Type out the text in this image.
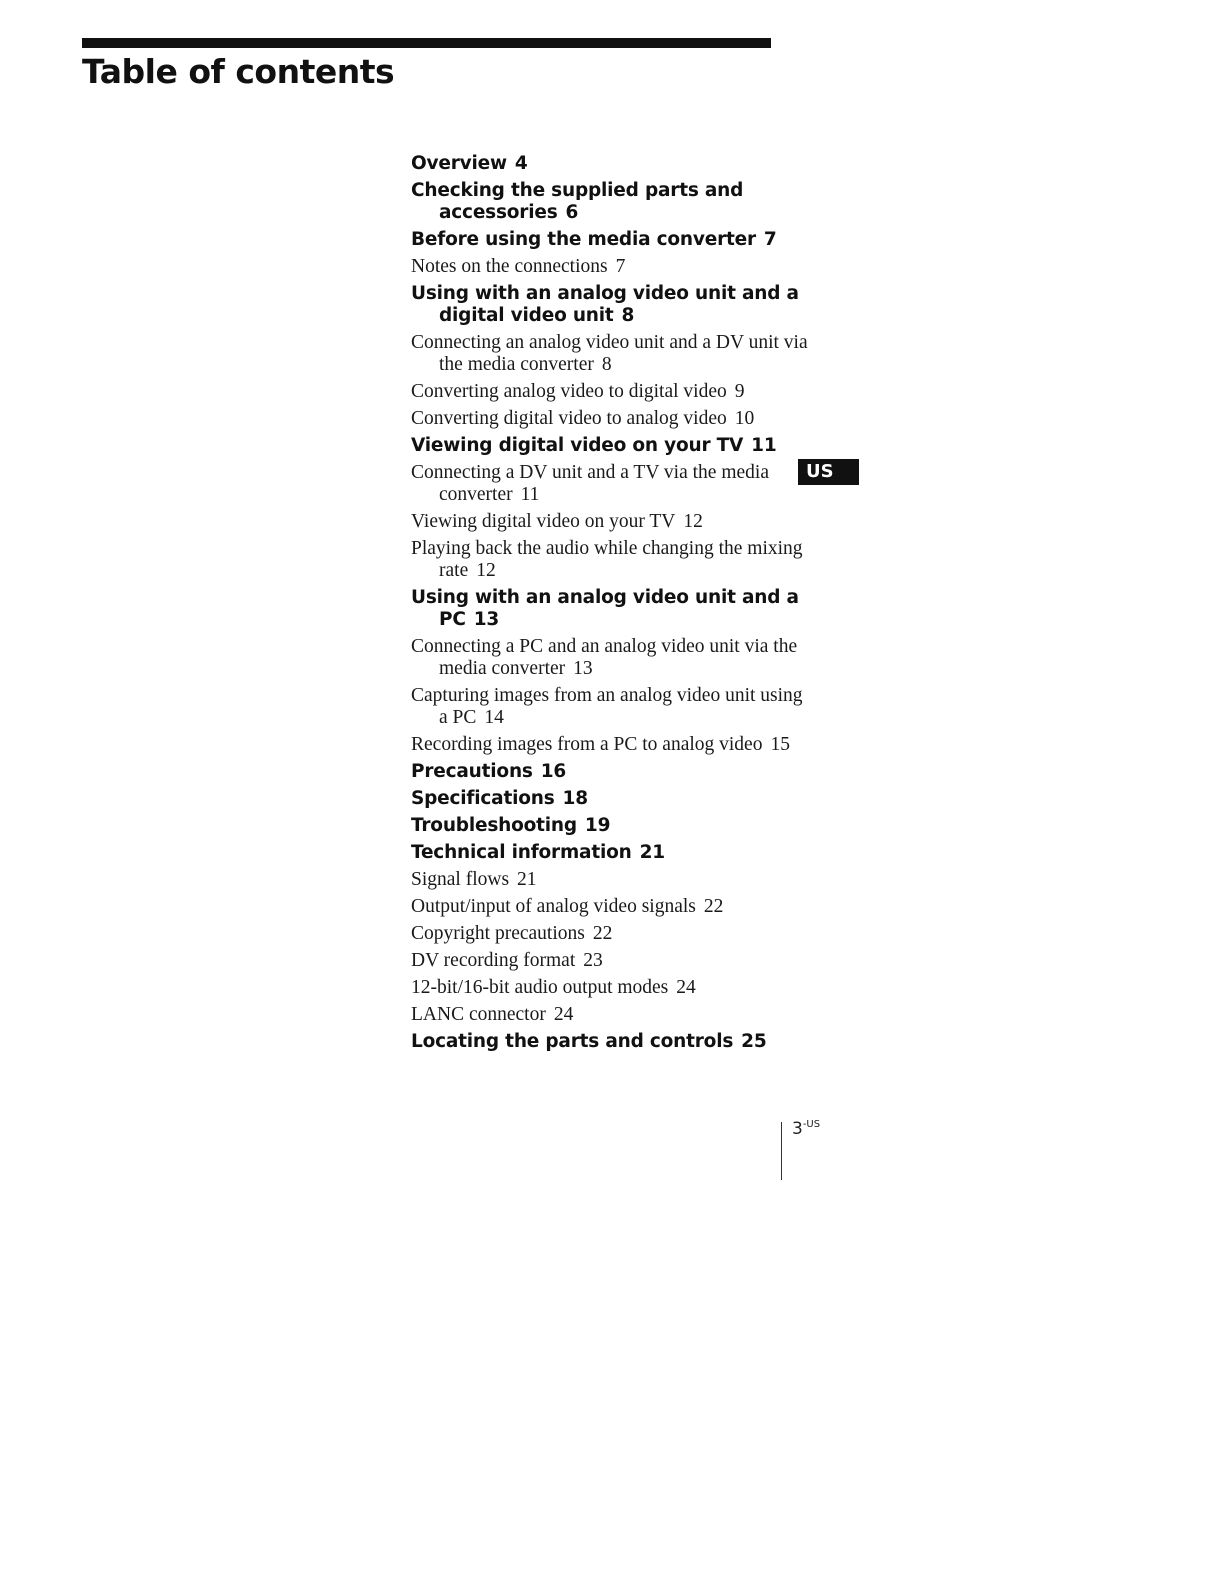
Table of contents

Overview 4

Checking the supplied parts and accessories 6

Before using the media converter 7

Notes on the connections 7

Using with an analog video unit and a digital video unit 8

Connecting an analog video unit and a DV unit via the media converter 8

Converting analog video to digital video 9

Converting digital video to analog video 10

Viewing digital video on your TV 11

Connecting a DV unit and a TV via the media converter 11

Viewing digital video on your TV 12

Playing back the audio while changing the mixing rate 12

Using with an analog video unit and a PC 13

Connecting a PC and an analog video unit via the media converter 13

Capturing images from an analog video unit using a PC 14

Recording images from a PC to analog video 15

Precautions 16

Specifications 18

Troubleshooting 19

Technical information 21

Signal flows 21

Output/input of analog video signals 22

Copyright precautions 22

DV recording format 23

12-bit/16-bit audio output modes 24

LANC connector 24

Locating the parts and controls 25

US
$3^{-US}$
